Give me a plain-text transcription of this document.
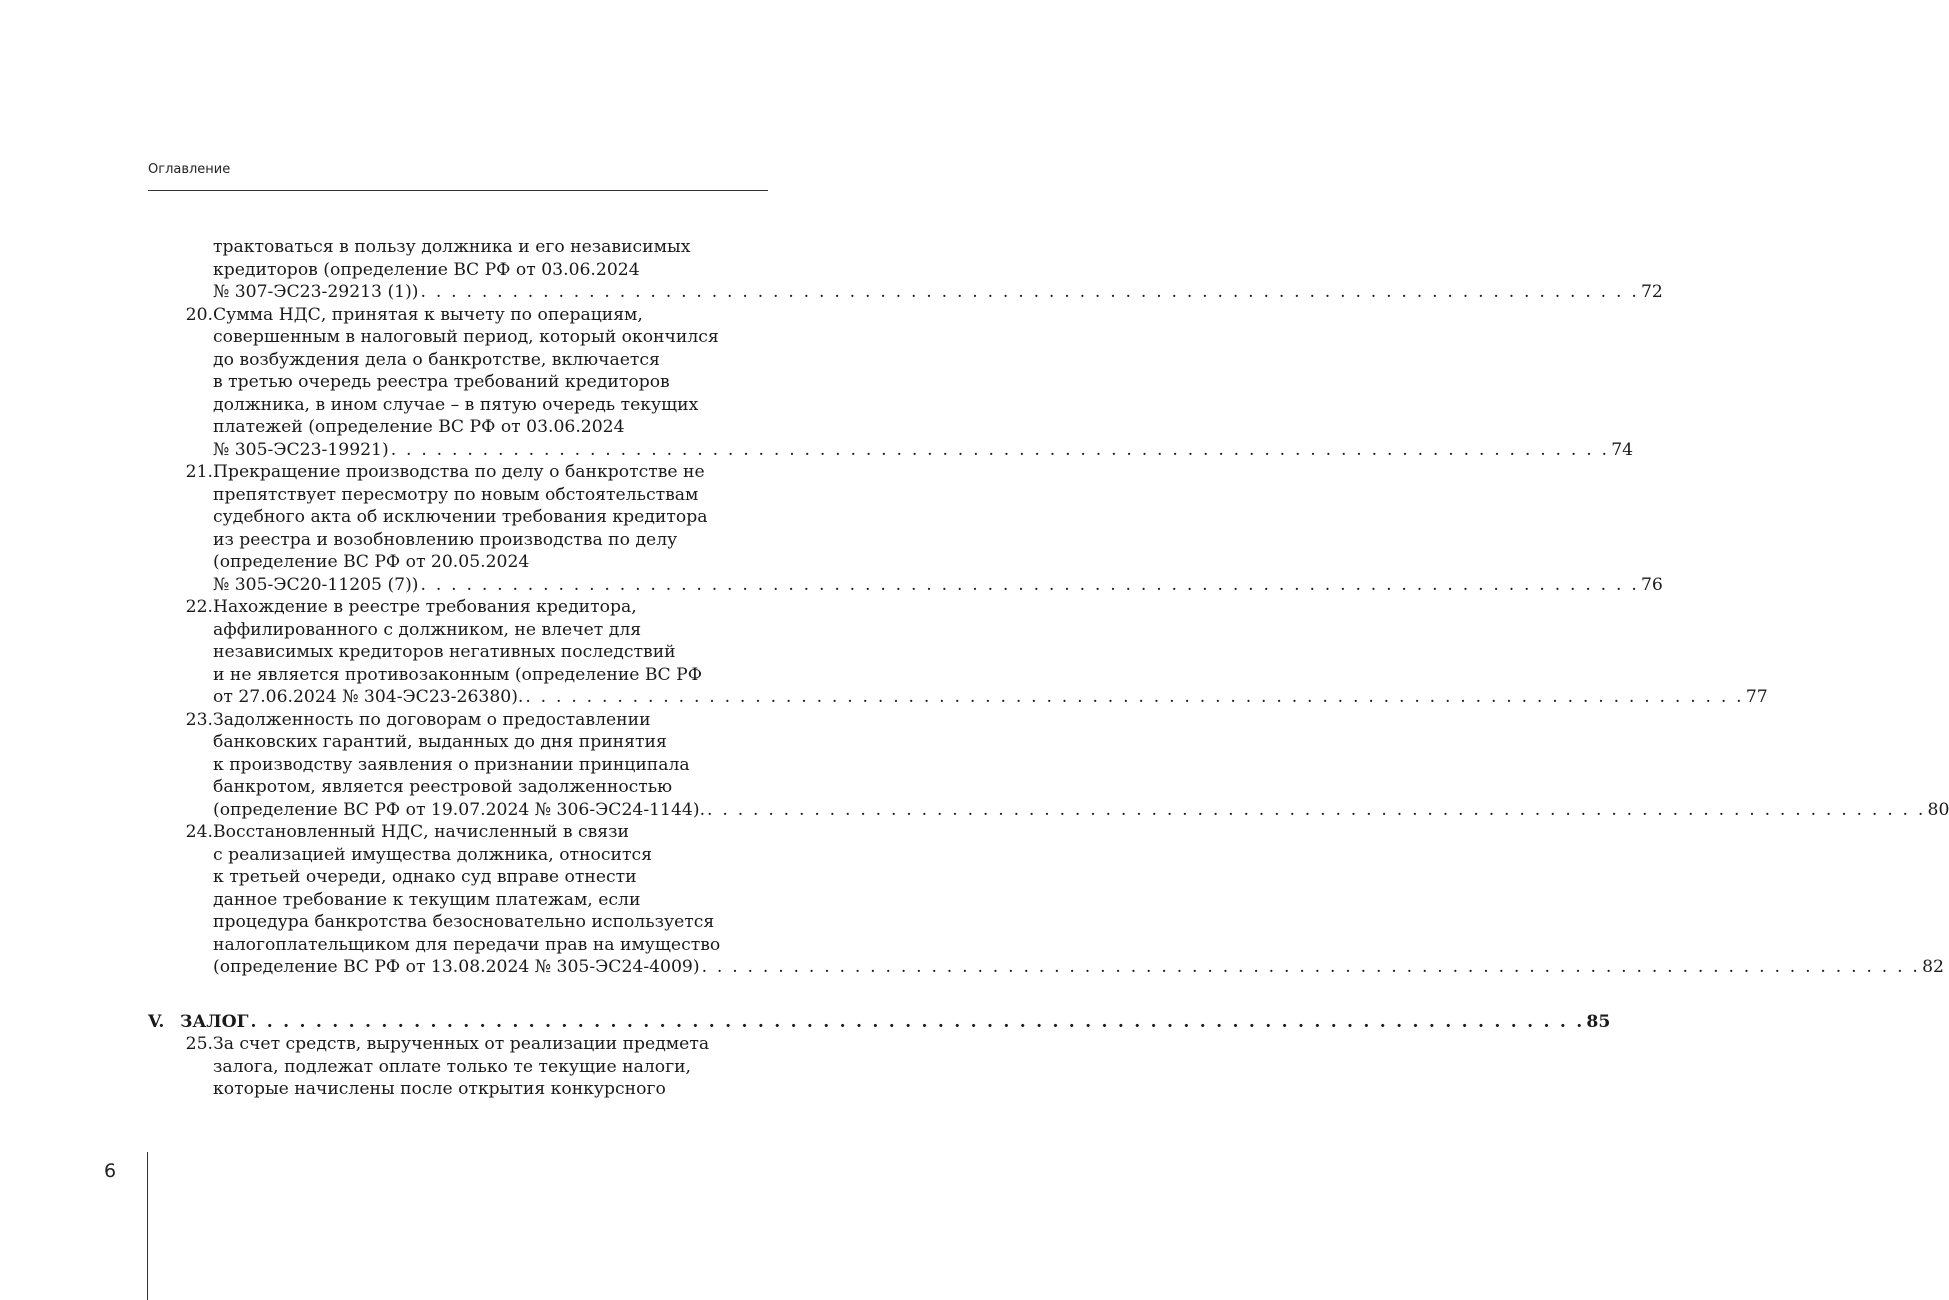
Оглавление
трактоваться в пользу должника и его независимых
кредиторов (определение ВС РФ от 03.06.2024
№ 307-ЭС23-29213 (1)) . . . . . . . . . . . . . . . . . . . . . . . . . . . . . . . . . . . . . . . . . . . . . . . . . . . . . . . . . . . . . . . . . . . . . . . . . . . . . . . . 72
20. Сумма НДС, принятая к вычету по операциям,
совершенным в налоговый период, который окончился
до возбуждения дела о банкротстве, включается
в третью очередь реестра требований кредиторов
должника, в ином случае – в пятую очередь текущих
платежей (определение ВС РФ от 03.06.2024
№ 305-ЭС23-19921) . . . . . . . . . . . . . . . . . . . . . . . . . . . . . . . . . . . . . . . . . . . . . . . . . . . . . . . . . . . . . . . . . . . . . . . . . . . . . . . . 74
21. Прекращение производства по делу о банкротстве не
препятствует пересмотру по новым обстоятельствам
судебного акта об исключении требования кредитора
из реестра и возобновлению производства по делу
(определение ВС РФ от 20.05.2024
№ 305-ЭС20-11205 (7)) . . . . . . . . . . . . . . . . . . . . . . . . . . . . . . . . . . . . . . . . . . . . . . . . . . . . . . . . . . . . . . . . . . . . . . . . . . . . . . . . 76
22. Нахождение в реестре требования кредитора,
аффилированного с должником, не влечет для
независимых кредиторов негативных последствий
и не является противозаконным (определение ВС РФ
от 27.06.2024 № 304-ЭС23-26380). . . . . . . . . . . . . . . . . . . . . . . . . . . . . . . . . . . . . . . . . . . . . . . . . . . . . . . . . . . . . . . . . . . . . . . . . . . . . . . . . 77
23. Задолженность по договорам о предоставлении
банковских гарантий, выданных до дня принятия
к производству заявления о признании принципала
банкротом, является реестровой задолженностью
(определение ВС РФ от 19.07.2024 № 306-ЭС24-1144). . . . . . . . . . . . . . . . . . . . . . . . . . . . . . . . . . . . . . . . . . . . . . . . . . . . . . . . . . . . . . . . . . . . . . . . . . . . . . . . . 80
24. Восстановленный НДС, начисленный в связи
с реализацией имущества должника, относится
к третьей очереди, однако суд вправе отнести
данное требование к текущим платежам, если
процедура банкротства безосновательно используется
налогоплательщиком для передачи прав на имущество
(определение ВС РФ от 13.08.2024 № 305-ЭС24-4009) . . . . . . . . . . . . . . . . . . . . . . . . . . . . . . . . . . . . . . . . . . . . . . . . . . . . . . . . . . . . . . . . . . . . . . . . . . . . . . . . 82
V. ЗАЛОГ . . . . . . . . . . . . . . . . . . . . . . . . . . . . . . . . . . . . . . . . . . . . . . . . . . . . . . . . . . . . . . . . . . . . . . . . . . . . . . . . . . 85
25. За счет средств, вырученных от реализации предмета
залога, подлежат оплате только те текущие налоги,
которые начислены после открытия конкурсного
6
